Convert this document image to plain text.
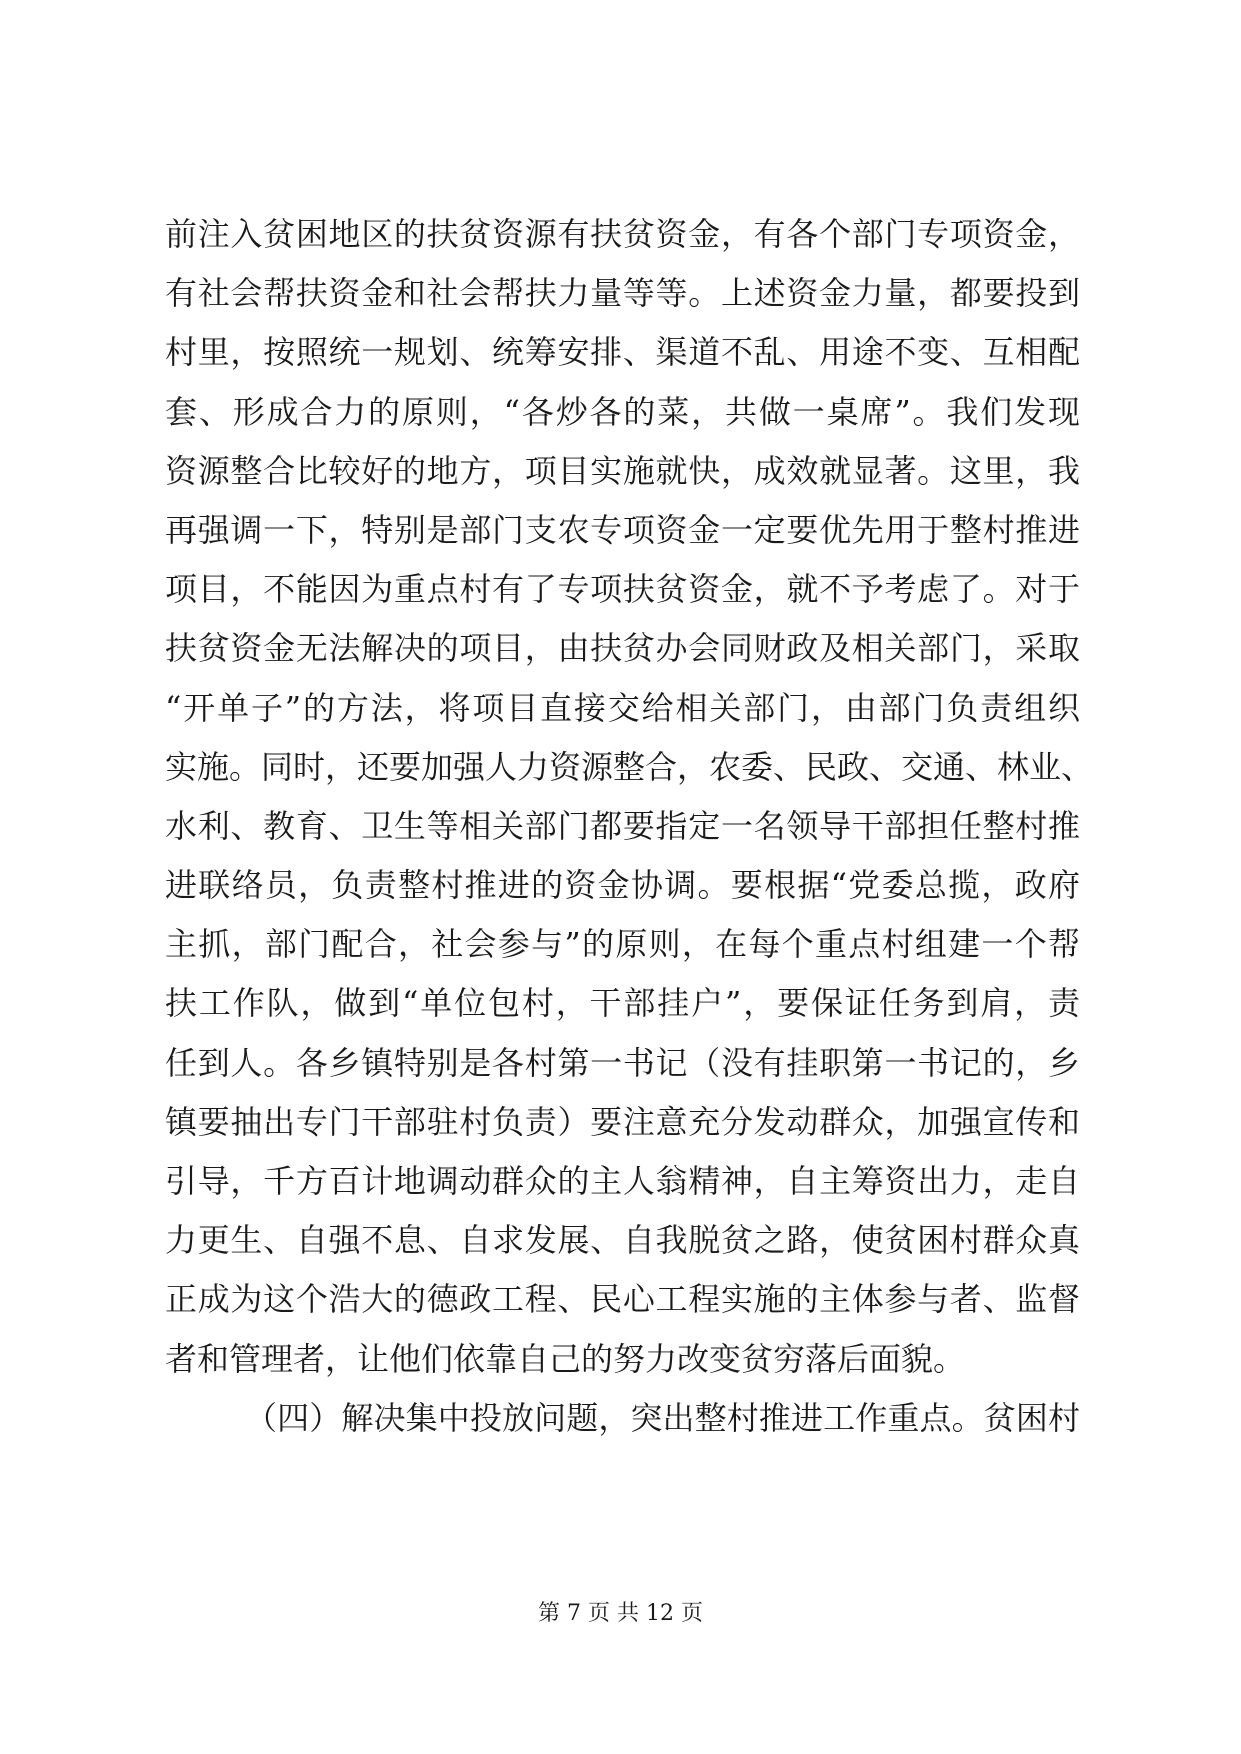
前注入贫困地区的扶贫资源有扶贫资金，有各个部门专项资金，
有社会帮扶资金和社会帮扶力量等等。上述资金力量，都要投到
村里，按照统一规划、统筹安排、渠道不乱、用途不变、互相配
套、形成合力的原则，“各炒各的菜，共做一桌席”。我们发现
资源整合比较好的地方，项目实施就快，成效就显著。这里，我
再强调一下，特别是部门支农专项资金一定要优先用于整村推进
项目，不能因为重点村有了专项扶贫资金，就不予考虑了。对于
扶贫资金无法解决的项目，由扶贫办会同财政及相关部门，采取
“开单子”的方法，将项目直接交给相关部门，由部门负责组织
实施。同时，还要加强人力资源整合，农委、民政、交通、林业、
水利、教育、卫生等相关部门都要指定一名领导干部担任整村推
进联络员，负责整村推进的资金协调。要根据“党委总揽，政府
主抓，部门配合，社会参与”的原则，在每个重点村组建一个帮
扶工作队，做到“单位包村，干部挂户”，要保证任务到肩，责
任到人。各乡镇特别是各村第一书记（没有挂职第一书记的，乡
镇要抽出专门干部驻村负责）要注意充分发动群众，加强宣传和
引导，千方百计地调动群众的主人翁精神，自主筹资出力，走自
力更生、自强不息、自求发展、自我脱贫之路，使贫困村群众真
正成为这个浩大的德政工程、民心工程实施的主体参与者、监督
者和管理者，让他们依靠自己的努力改变贫穷落后面貌。
（四）解决集中投放问题，突出整村推进工作重点。贫困村
第 7 页 共 12 页
